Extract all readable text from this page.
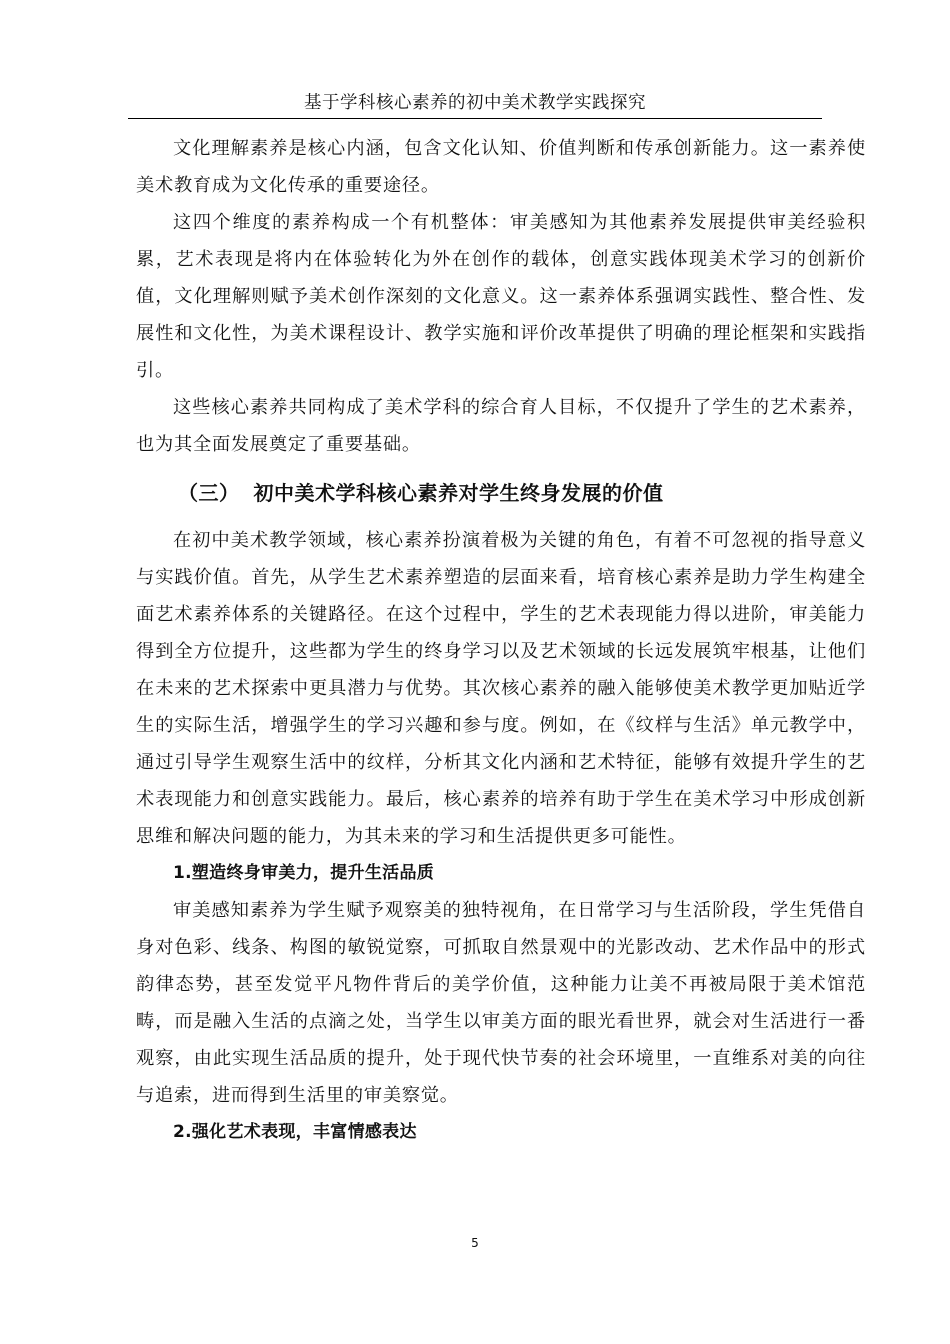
基于学科核心素养的初中美术教学实践探究

文化理解素养是核心内涵，包含文化认知、价值判断和传承创新能力。这一素养使美术教育成为文化传承的重要途径。

这四个维度的素养构成一个有机整体：审美感知为其他素养发展提供审美经验积累，艺术表现是将内在体验转化为外在创作的载体，创意实践体现美术学习的创新价值，文化理解则赋予美术创作深刻的文化意义。这一素养体系强调实践性、整合性、发展性和文化性，为美术课程设计、教学实施和评价改革提供了明确的理论框架和实践指引。

这些核心素养共同构成了美术学科的综合育人目标，不仅提升了学生的艺术素养，也为其全面发展奠定了重要基础。

（三） 初中美术学科核心素养对学生终身发展的价值

在初中美术教学领域，核心素养扮演着极为关键的角色，有着不可忽视的指导意义与实践价值。首先，从学生艺术素养塑造的层面来看，培育核心素养是助力学生构建全面艺术素养体系的关键路径。在这个过程中，学生的艺术表现能力得以进阶，审美能力得到全方位提升，这些都为学生的终身学习以及艺术领域的长远发展筑牢根基，让他们在未来的艺术探索中更具潜力与优势。其次核心素养的融入能够使美术教学更加贴近学生的实际生活，增强学生的学习兴趣和参与度。例如，在《纹样与生活》单元教学中，通过引导学生观察生活中的纹样，分析其文化内涵和艺术特征，能够有效提升学生的艺术表现能力和创意实践能力。最后，核心素养的培养有助于学生在美术学习中形成创新思维和解决问题的能力，为其未来的学习和生活提供更多可能性。

1.塑造终身审美力，提升生活品质

审美感知素养为学生赋予观察美的独特视角，在日常学习与生活阶段，学生凭借自身对色彩、线条、构图的敏锐觉察，可抓取自然景观中的光影改动、艺术作品中的形式韵律态势，甚至发觉平凡物件背后的美学价值，这种能力让美不再被局限于美术馆范畴，而是融入生活的点滴之处，当学生以审美方面的眼光看世界，就会对生活进行一番观察，由此实现生活品质的提升，处于现代快节奏的社会环境里，一直维系对美的向往与追索，进而得到生活里的审美察觉。

2.强化艺术表现，丰富情感表达
5
